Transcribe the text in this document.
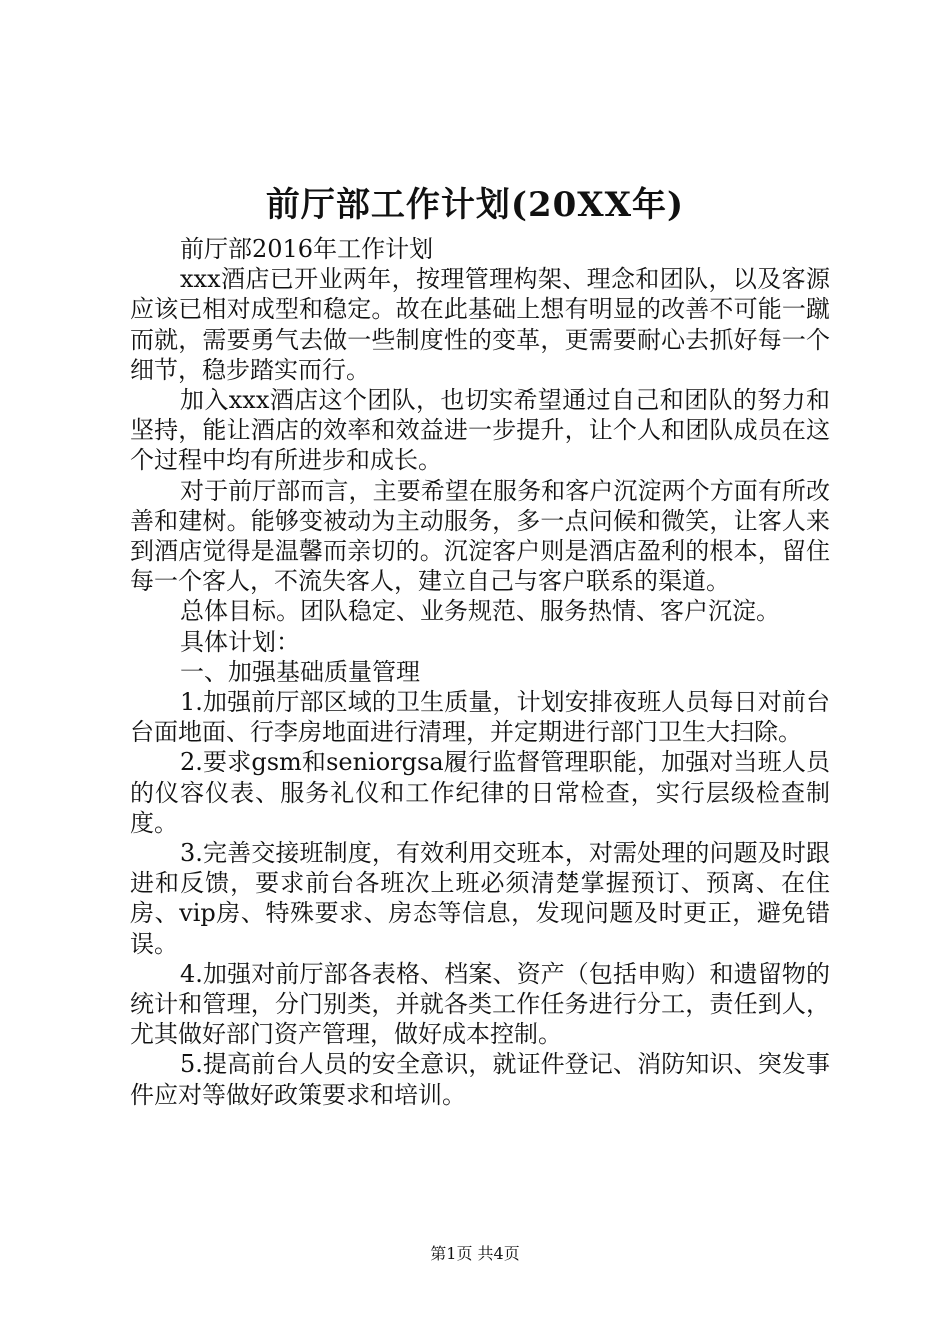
前厅部工作计划(20XX年)

前厅部2016年工作计划

xxx酒店已开业两年，按理管理构架、理念和团队，以及客源应该已相对成型和稳定。故在此基础上想有明显的改善不可能一蹴而就，需要勇气去做一些制度性的变革，更需要耐心去抓好每一个细节，稳步踏实而行。

加入xxx酒店这个团队，也切实希望通过自己和团队的努力和坚持，能让酒店的效率和效益进一步提升，让个人和团队成员在这个过程中均有所进步和成长。

对于前厅部而言，主要希望在服务和客户沉淀两个方面有所改善和建树。能够变被动为主动服务，多一点问候和微笑，让客人来到酒店觉得是温馨而亲切的。沉淀客户则是酒店盈利的根本，留住每一个客人，不流失客人，建立自己与客户联系的渠道。

总体目标。团队稳定、业务规范、服务热情、客户沉淀。

具体计划：

一、加强基础质量管理

1.加强前厅部区域的卫生质量，计划安排夜班人员每日对前台台面地面、行李房地面进行清理，并定期进行部门卫生大扫除。

2.要求gsm和seniorgsa履行监督管理职能，加强对当班人员的仪容仪表、服务礼仪和工作纪律的日常检查，实行层级检查制度。

3.完善交接班制度，有效利用交班本，对需处理的问题及时跟进和反馈，要求前台各班次上班必须清楚掌握预订、预离、在住房、vip房、特殊要求、房态等信息，发现问题及时更正，避免错误。

4.加强对前厅部各表格、档案、资产（包括申购）和遗留物的统计和管理，分门别类，并就各类工作任务进行分工，责任到人，尤其做好部门资产管理，做好成本控制。

5.提高前台人员的安全意识，就证件登记、消防知识、突发事件应对等做好政策要求和培训。

第1页 共4页
